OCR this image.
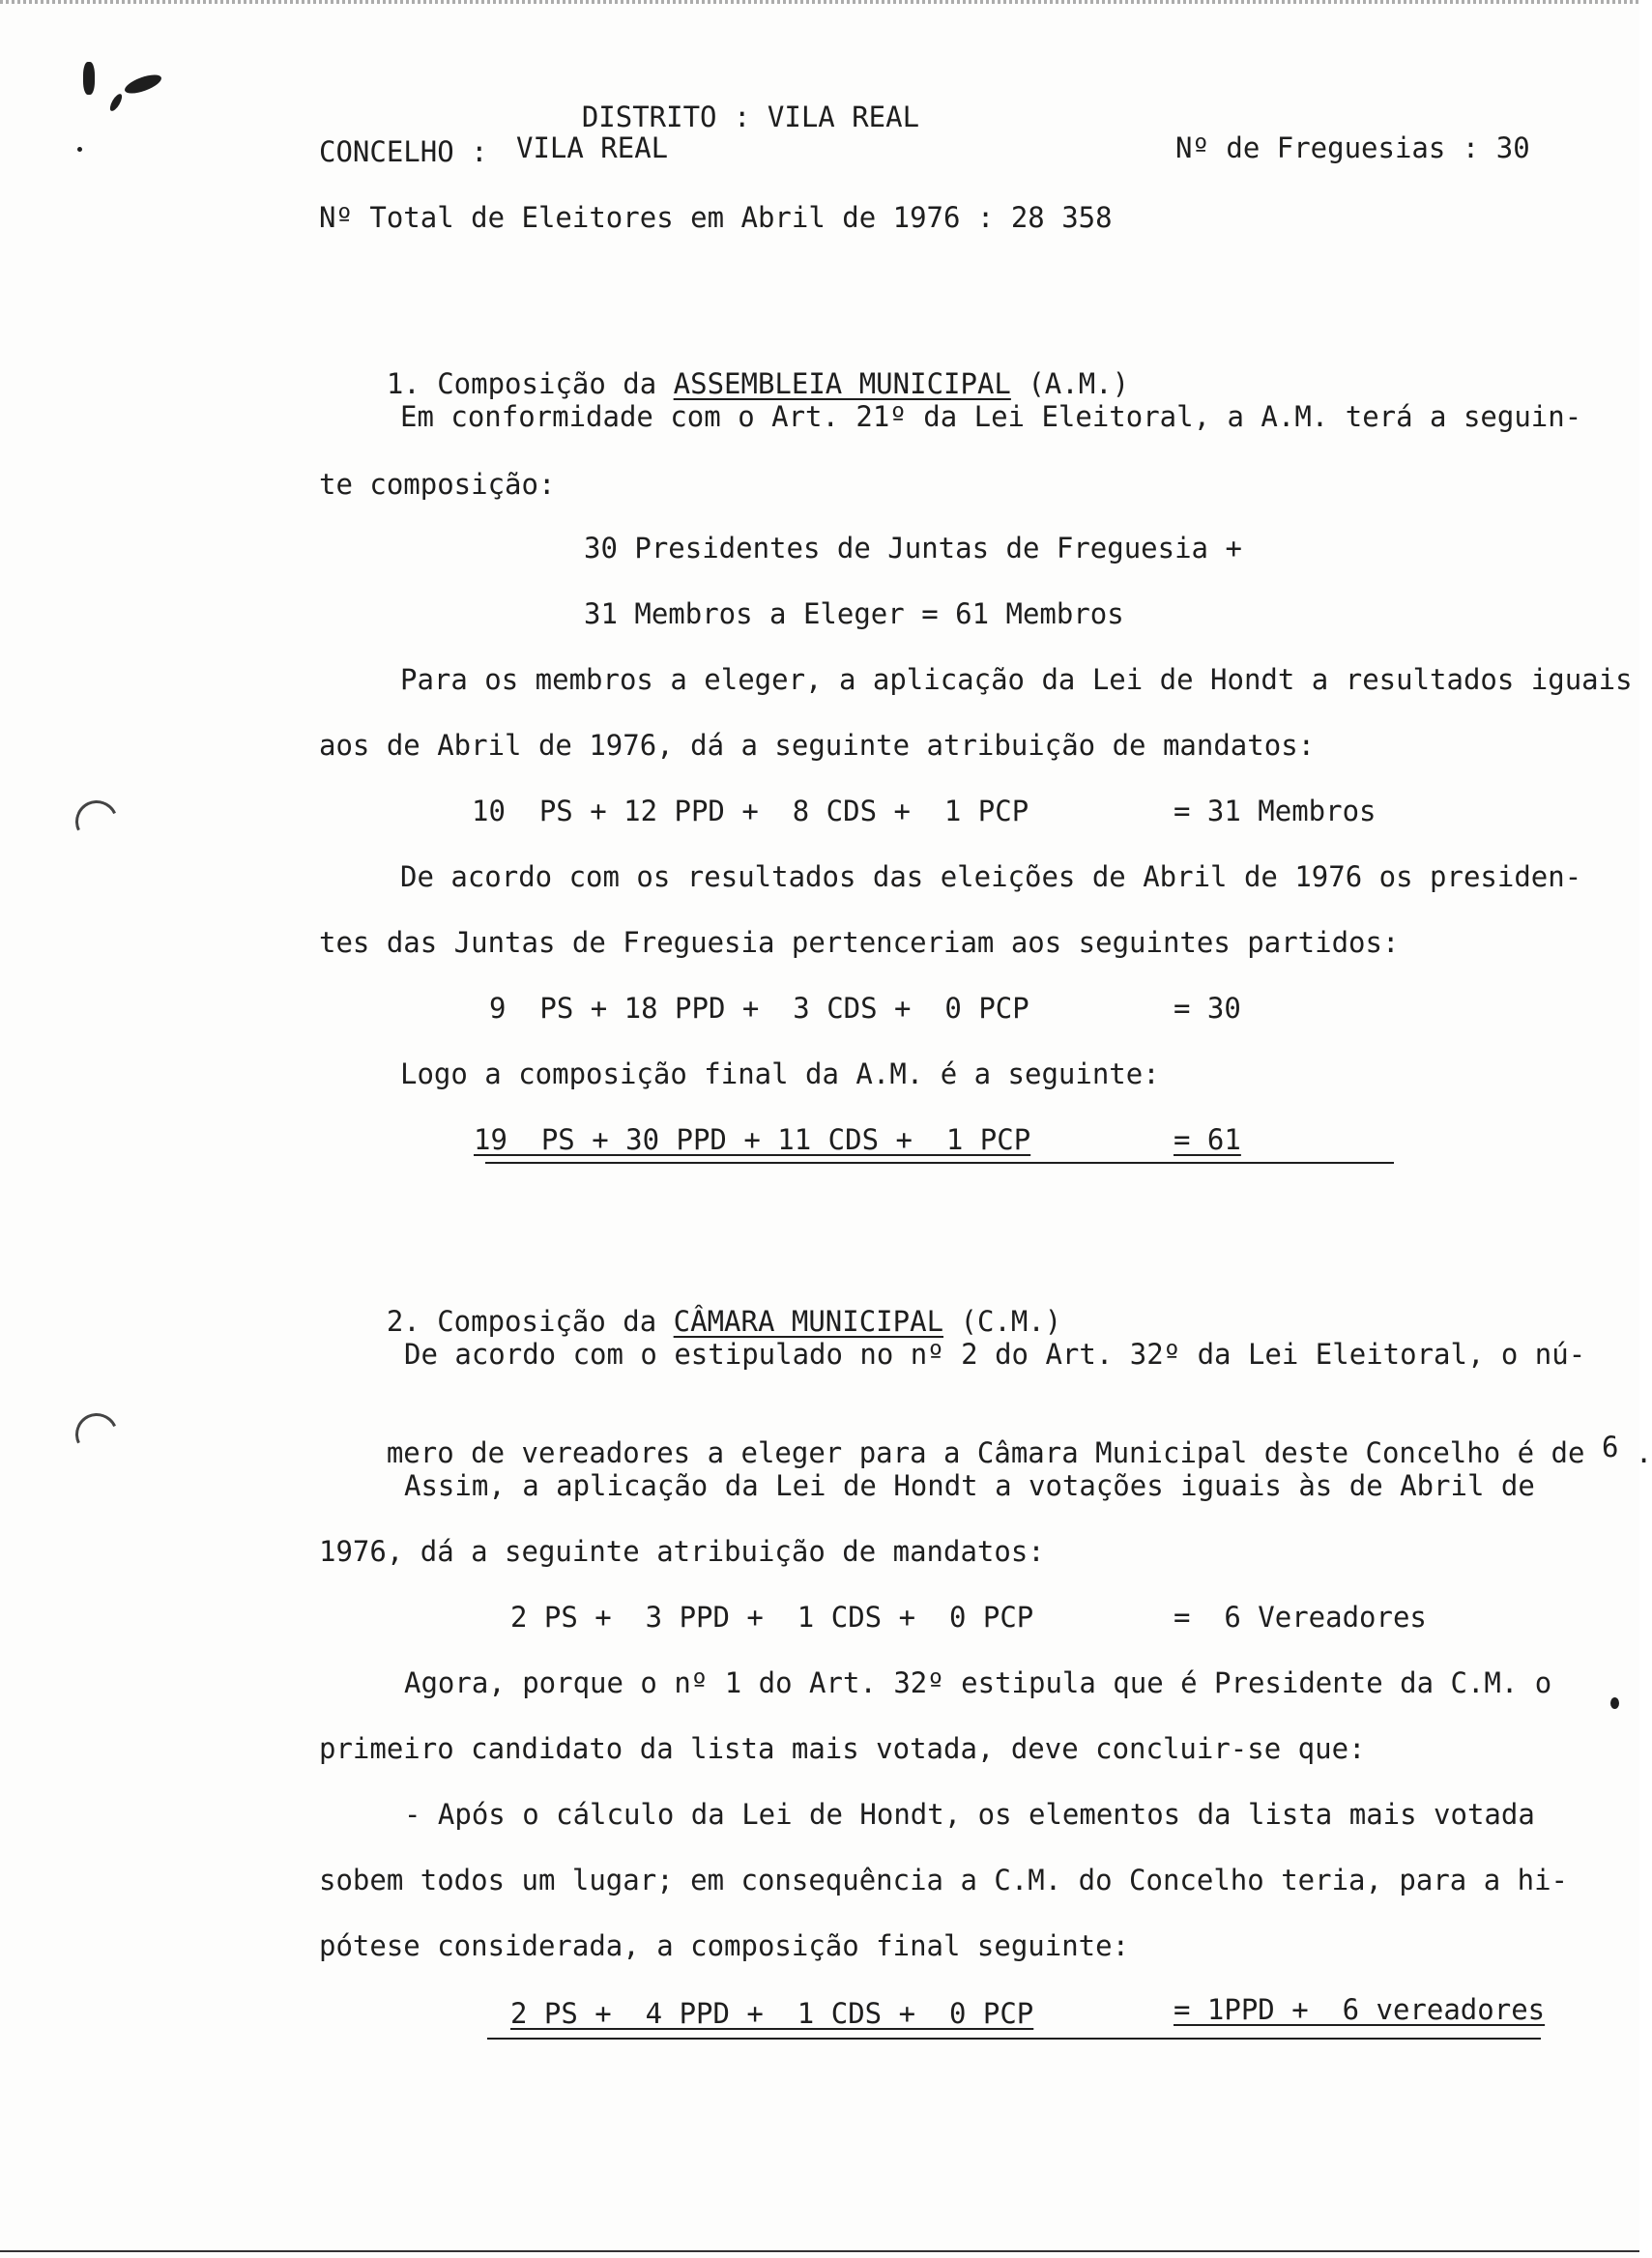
DISTRITO : VILA REAL

CONCELHO : VILA REAL	Nº de Freguesias : 30
Nº Total de Eleitores em Abril de 1976 : 28 358

1. Composição da ASSEMBLEIA MUNICIPAL (A.M.)

Em conformidade com o Art. 21º da Lei Eleitoral, a A.M. terá a seguin-
te composição:
30 Presidentes de Juntas de Freguesia +
31 Membros a Eleger = 61 Membros
Para os membros a eleger, a aplicação da Lei de Hondt a resultados iguais
aos de Abril de 1976, dá a seguinte atribuição de mandatos:
10  PS + 12 PPD +  8 CDS +  1 PCP	= 31 Membros
De acordo com os resultados das eleições de Abril de 1976 os presiden-
tes das Juntas de Freguesia pertenceriam aos seguintes partidos:
9  PS + 18 PPD +  3 CDS +  0 PCP	= 30
Logo a composição final da A.M. é a seguinte:
19  PS + 30 PPD + 11 CDS +  1 PCP	= 61

2. Composição da CÂMARA MUNICIPAL (C.M.)

De acordo com o estipulado no nº 2 do Art. 32º da Lei Eleitoral, o nú-

mero de vereadores a eleger para a Câmara Municipal deste Concelho é de 6 .

Assim, a aplicação da Lei de Hondt a votações iguais às de Abril de
1976, dá a seguinte atribuição de mandatos:
2 PS +  3 PPD +  1 CDS +  0 PCP	=  6 Vereadores
Agora, porque o nº 1 do Art. 32º estipula que é Presidente da C.M. o
primeiro candidato da lista mais votada, deve concluir-se que:
- Após o cálculo da Lei de Hondt, os elementos da lista mais votada
sobem todos um lugar; em consequência a C.M. do Concelho teria, para a hi-
pótese considerada, a composição final seguinte:
2 PS +  4 PPD +  1 CDS +  0 PCP	= 1PPD +  6 vereadores
